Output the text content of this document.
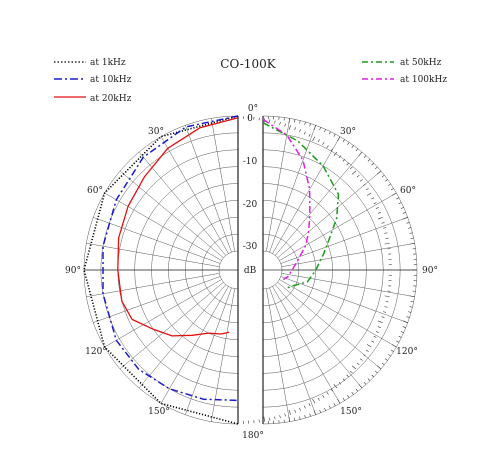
CO-100K
at 1kHz
at 10kHz
at 20kHz
at 50kHz
at 100kHz
0°
30°	30°
60°	60°
90°	90°
120°	120°
150°	150°
180°
dB
0
-10
-20
-30
